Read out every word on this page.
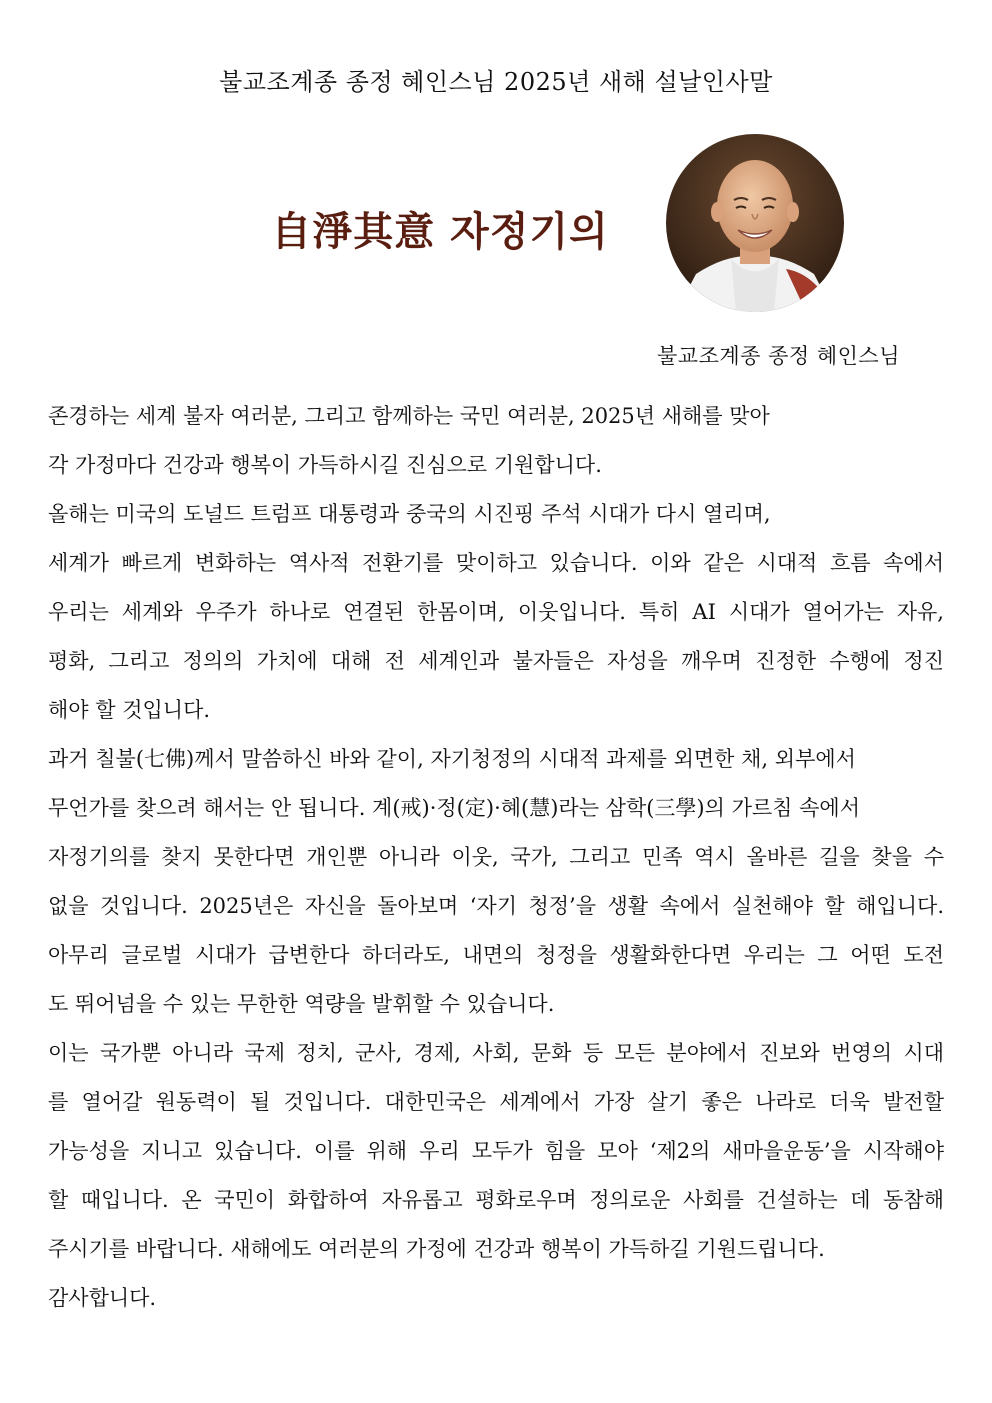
불교조계종 종정 혜인스님 2025년 새해 설날인사말
自淨其意 자정기의
불교조계종 종정 혜인스님
존경하는 세계 불자 여러분, 그리고 함께하는 국민 여러분, 2025년 새해를 맞아
각 가정마다 건강과 행복이 가득하시길 진심으로 기원합니다.
올해는 미국의 도널드 트럼프 대통령과 중국의 시진핑 주석 시대가 다시 열리며,
세계가 빠르게 변화하는 역사적 전환기를 맞이하고 있습니다. 이와 같은 시대적 흐름 속에서
우리는 세계와 우주가 하나로 연결된 한몸이며, 이웃입니다. 특히 AI 시대가 열어가는 자유,
평화, 그리고 정의의 가치에 대해 전 세계인과 불자들은 자성을 깨우며 진정한 수행에 정진
해야 할 것입니다.
과거 칠불(七佛)께서 말씀하신 바와 같이, 자기청정의 시대적 과제를 외면한 채, 외부에서
무언가를 찾으려 해서는 안 됩니다. 계(戒)·정(定)·혜(慧)라는 삼학(三學)의 가르침 속에서
자정기의를 찾지 못한다면 개인뿐 아니라 이웃, 국가, 그리고 민족 역시 올바른 길을 찾을 수
없을 것입니다. 2025년은 자신을 돌아보며 ‘자기 청정’을 생활 속에서 실천해야 할 해입니다.
아무리 글로벌 시대가 급변한다 하더라도, 내면의 청정을 생활화한다면 우리는 그 어떤 도전
도 뛰어넘을 수 있는 무한한 역량을 발휘할 수 있습니다.
이는 국가뿐 아니라 국제 정치, 군사, 경제, 사회, 문화 등 모든 분야에서 진보와 번영의 시대
를 열어갈 원동력이 될 것입니다. 대한민국은 세계에서 가장 살기 좋은 나라로 더욱 발전할
가능성을 지니고 있습니다. 이를 위해 우리 모두가 힘을 모아 ‘제2의 새마을운동’을 시작해야
할 때입니다. 온 국민이 화합하여 자유롭고 평화로우며 정의로운 사회를 건설하는 데 동참해
주시기를 바랍니다. 새해에도 여러분의 가정에 건강과 행복이 가득하길 기원드립니다.
감사합니다.
